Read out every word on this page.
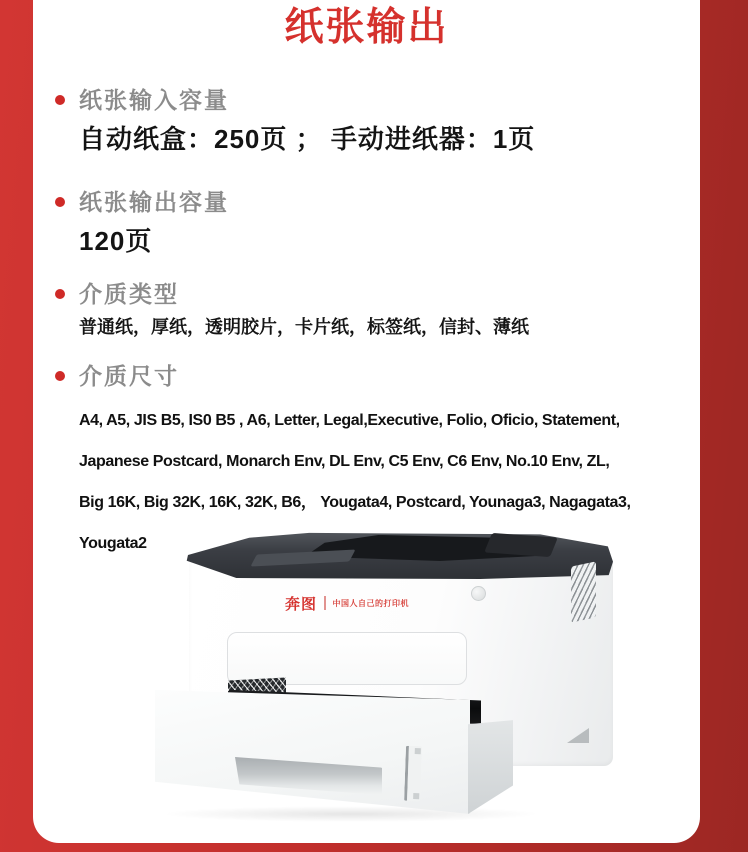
纸张输出
纸张输入容量
自动纸盒：250页 ； 手动进纸器：1页
纸张输出容量
120页
介质类型
普通纸，厚纸，透明胶片，卡片纸，标签纸，信封、薄纸
介质尺寸
A4, A5, JIS B5, IS0 B5 , A6, Letter, Legal,Executive, Folio, Oficio, Statement,
Japanese Postcard, Monarch Env, DL Env, C5 Env, C6 Env, No.10 Env, ZL,
Big 16K, Big 32K, 16K, 32K, B6， Yougata4, Postcard, Younaga3, Nagagata3,
Yougata2
奔图 中国人自己的打印机
